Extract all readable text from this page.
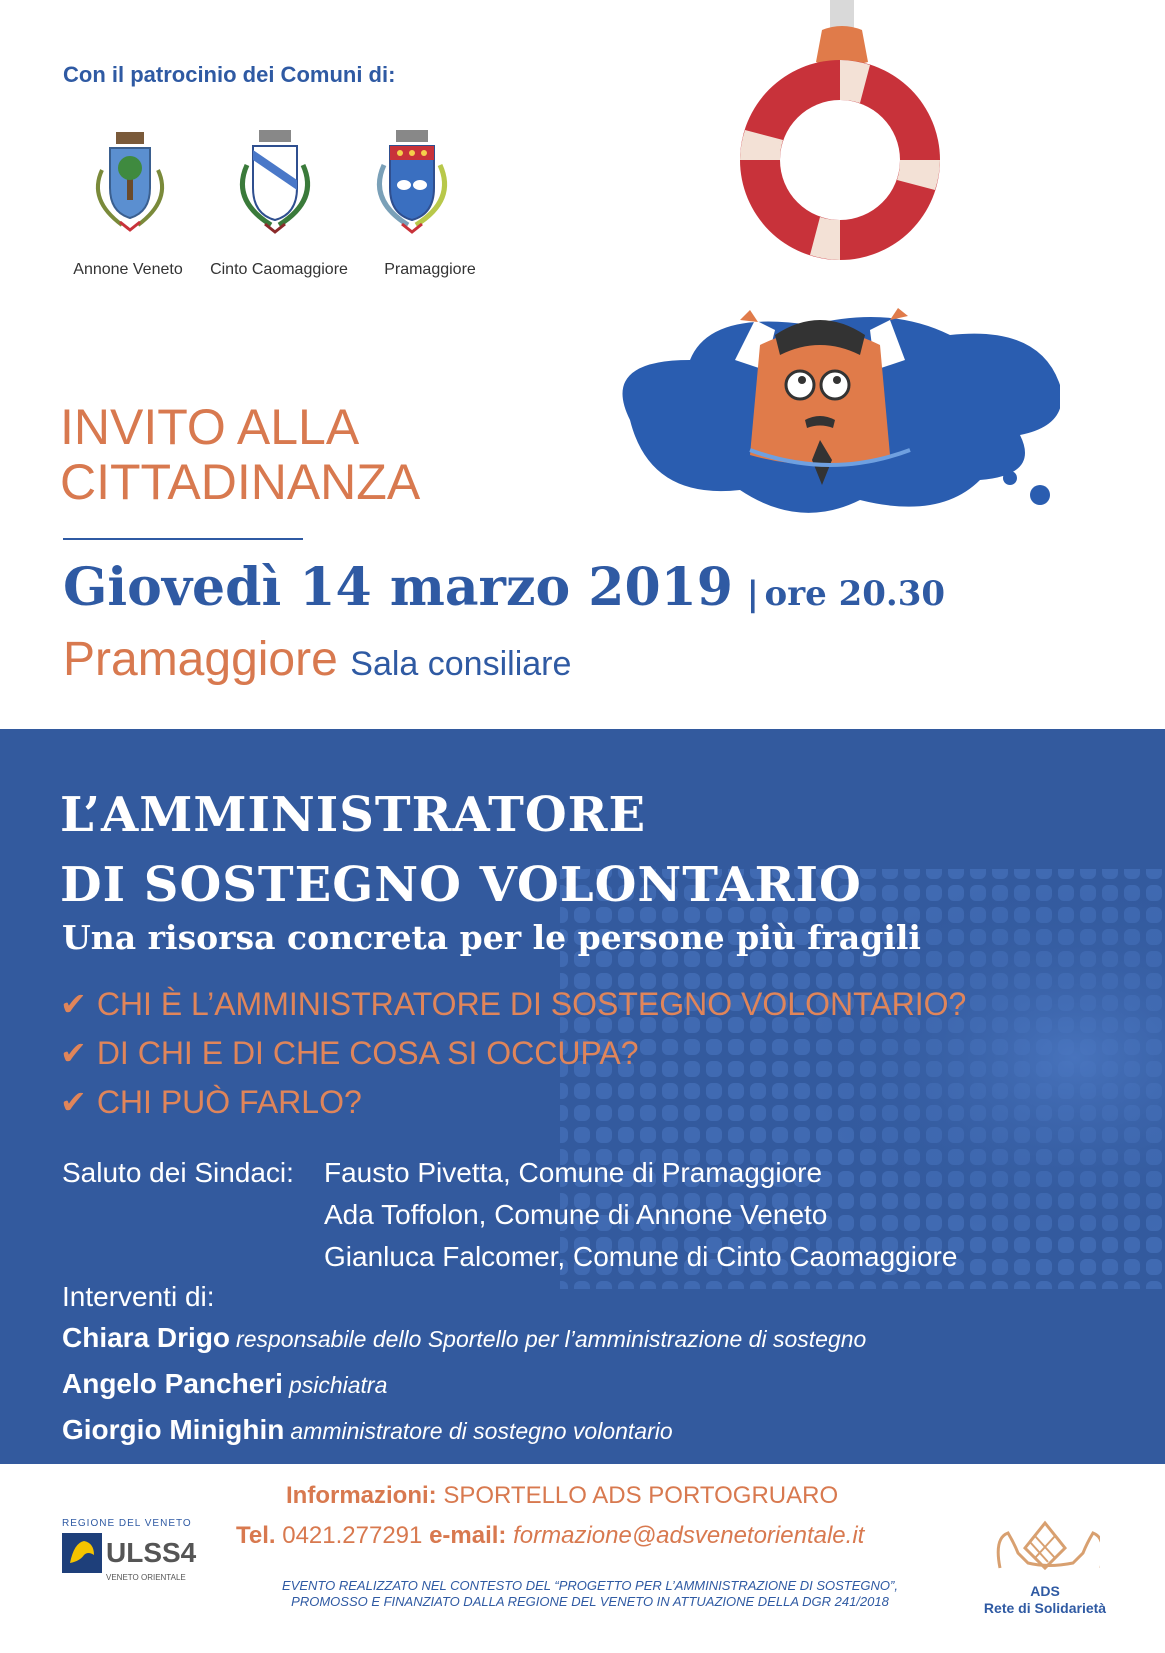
Con il patrocinio dei Comuni di:
Annone Veneto	Cinto Caomaggiore	Pramaggiore
INVITO ALLA
CITTADINANZA
Giovedì 14 marzo 2019 | ore 20.30
Pramaggiore Sala consiliare
L’AMMINISTRATORE
DI SOSTEGNO VOLONTARIO
Una risorsa concreta per le persone più fragili
✔ CHI È L’AMMINISTRATORE DI SOSTEGNO VOLONTARIO?
✔ DI CHI E DI CHE COSA SI OCCUPA?
✔ CHI PUÒ FARLO?
Saluto dei Sindaci: Fausto Pivetta, Comune di Pramaggiore
Ada Toffolon, Comune di Annone Veneto
Gianluca Falcomer, Comune di Cinto Caomaggiore
Interventi di:
Chiara Drigo responsabile dello Sportello per l’amministrazione di sostegno
Angelo Pancheri psichiatra
Giorgio Minighin amministratore di sostegno volontario
Informazioni: SPORTELLO ADS PORTOGRUARO
Tel. 0421.277291 e-mail: formazione@adsvenetorientale.it
EVENTO REALIZZATO NEL CONTESTO DEL “PROGETTO PER L’AMMINISTRAZIONE DI SOSTEGNO”,
PROMOSSO E FINANZIATO DALLA REGIONE DEL VENETO IN ATTUAZIONE DELLA DGR 241/2018
REGIONE DEL VENETO
ULSS4
VENETO ORIENTALE
ADS
Rete di Solidarietà
